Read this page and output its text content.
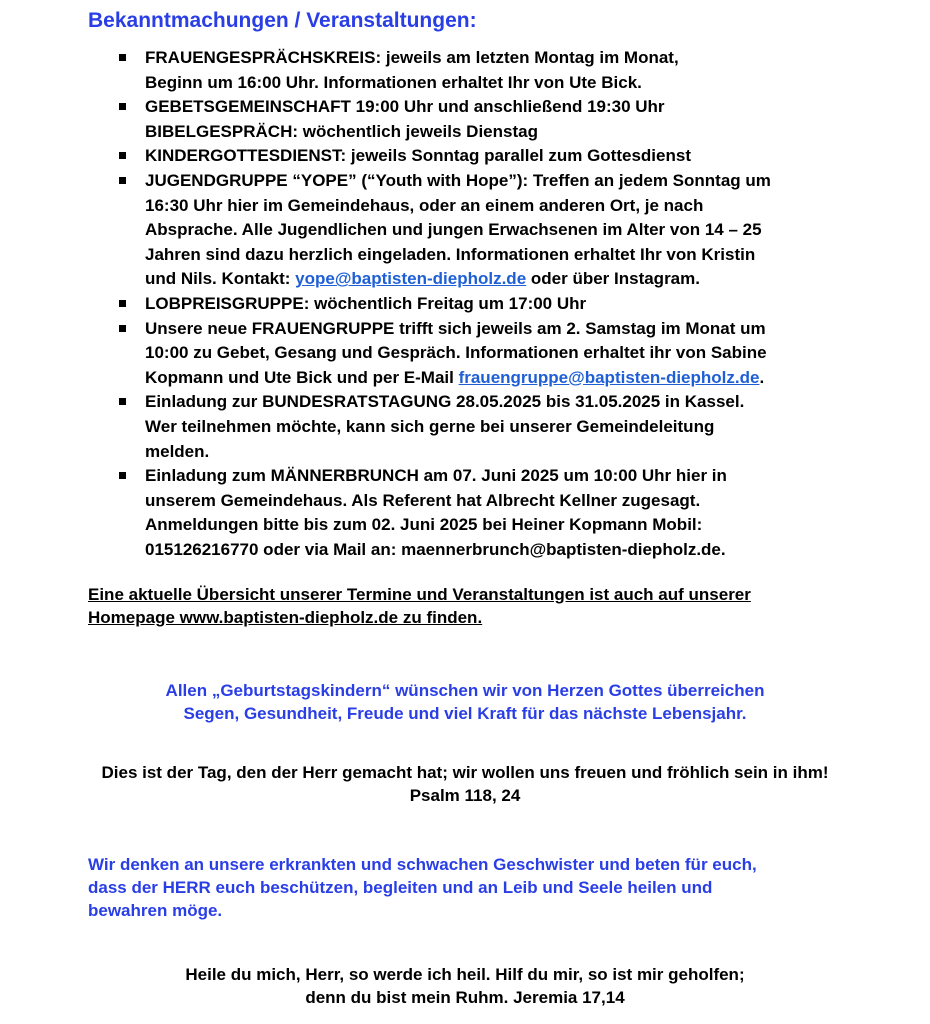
Bekanntmachungen / Veranstaltungen:
FRAUENGESPRÄCHSKREIS: jeweils am letzten Montag im Monat,
Beginn um 16:00 Uhr. Informationen erhaltet Ihr von Ute Bick.
GEBETSGEMEINSCHAFT 19:00 Uhr und anschließend 19:30 Uhr
BIBELGESPRÄCH: wöchentlich jeweils Dienstag
KINDERGOTTESDIENST: jeweils Sonntag parallel zum Gottesdienst
JUGENDGRUPPE “YOPE” (“Youth with Hope”): Treffen an jedem Sonntag um
16:30 Uhr hier im Gemeindehaus, oder an einem anderen Ort, je nach
Absprache. Alle Jugendlichen und jungen Erwachsenen im Alter von 14 – 25
Jahren sind dazu herzlich eingeladen. Informationen erhaltet Ihr von Kristin
und Nils. Kontakt: yope@baptisten-diepholz.de oder über Instagram.
LOBPREISGRUPPE: wöchentlich Freitag um 17:00 Uhr
Unsere neue FRAUENGRUPPE trifft sich jeweils am 2. Samstag im Monat um
10:00 zu Gebet, Gesang und Gespräch. Informationen erhaltet ihr von Sabine
Kopmann und Ute Bick und per E-Mail frauengruppe@baptisten-diepholz.de.
Einladung zur BUNDESRATSTAGUNG 28.05.2025 bis 31.05.2025 in Kassel.
Wer teilnehmen möchte, kann sich gerne bei unserer Gemeindeleitung
melden.
Einladung zum MÄNNERBRUNCH am 07. Juni 2025 um 10:00 Uhr hier in
unserem Gemeindehaus. Als Referent hat Albrecht Kellner zugesagt.
Anmeldungen bitte bis zum 02. Juni 2025 bei Heiner Kopmann Mobil:
015126216770 oder via Mail an: maennerbrunch@baptisten-diepholz.de.
Eine aktuelle Übersicht unserer Termine und Veranstaltungen ist auch auf unserer
Homepage www.baptisten-diepholz.de zu finden.
Allen „Geburtstagskindern“ wünschen wir von Herzen Gottes überreichen
Segen, Gesundheit, Freude und viel Kraft für das nächste Lebensjahr.
Dies ist der Tag, den der Herr gemacht hat; wir wollen uns freuen und fröhlich sein in ihm!
Psalm 118, 24
Wir denken an unsere erkrankten und schwachen Geschwister und beten für euch,
dass der HERR euch beschützen, begleiten und an Leib und Seele heilen und
bewahren möge.
Heile du mich, Herr, so werde ich heil. Hilf du mir, so ist mir geholfen;
denn du bist mein Ruhm. Jeremia 17,14
